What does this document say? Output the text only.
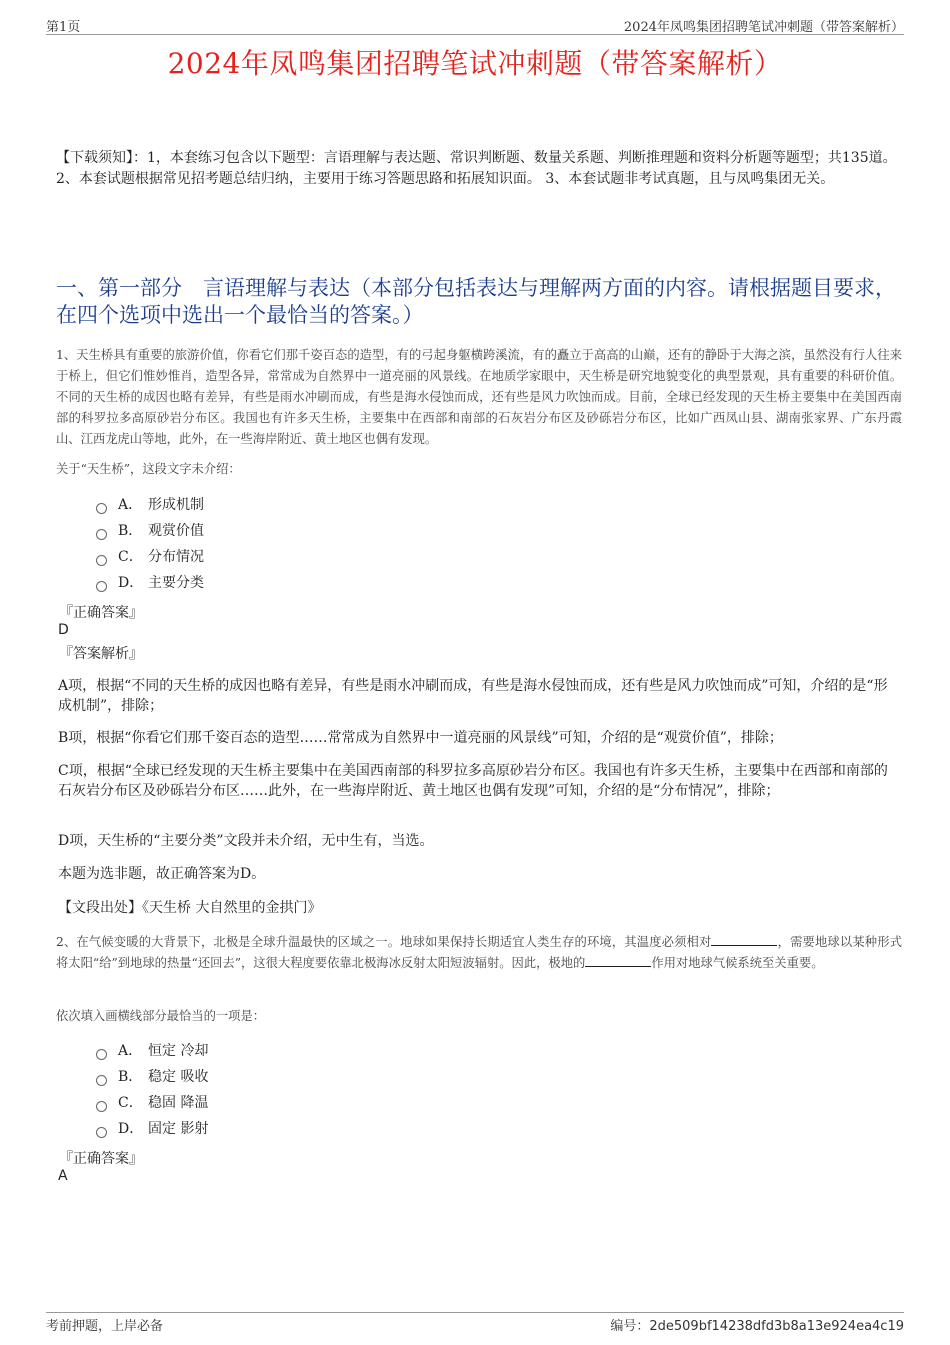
第1页	2024年凤鸣集团招聘笔试冲刺题（带答案解析）
2024年凤鸣集团招聘笔试冲刺题（带答案解析）
【下载须知】：1，本套练习包含以下题型：言语理解与表达题、常识判断题、数量关系题、判断推理题和资料分析题等题型；共135道。 2、本套试题根据常见招考题总结归纳，主要用于练习答题思路和拓展知识面。 3、本套试题非考试真题，且与凤鸣集团无关。
一、第一部分　言语理解与表达（本部分包括表达与理解两方面的内容。请根据题目要求，在四个选项中选出一个最恰当的答案。）
1、天生桥具有重要的旅游价值，你看它们那千姿百态的造型，有的弓起身躯横跨溪流，有的矗立于高高的山巅，还有的静卧于大海之滨，虽然没有行人往来于桥上，但它们惟妙惟肖，造型各异，常常成为自然界中一道亮丽的风景线。在地质学家眼中，天生桥是研究地貌变化的典型景观，具有重要的科研价值。不同的天生桥的成因也略有差异，有些是雨水冲刷而成，有些是海水侵蚀而成，还有些是风力吹蚀而成。目前，全球已经发现的天生桥主要集中在美国西南部的科罗拉多高原砂岩分布区。我国也有许多天生桥，主要集中在西部和南部的石灰岩分布区及砂砾岩分布区，比如广西凤山县、湖南张家界、广东丹霞山、江西龙虎山等地，此外，在一些海岸附近、黄土地区也偶有发现。
关于“天生桥”，这段文字未介绍：
A． 形成机制
B． 观赏价值
C． 分布情况
D． 主要分类
『正确答案』
D
『答案解析』
A项，根据“不同的天生桥的成因也略有差异，有些是雨水冲刷而成，有些是海水侵蚀而成，还有些是风力吹蚀而成”可知，介绍的是“形成机制”，排除；
B项，根据“你看它们那千姿百态的造型……常常成为自然界中一道亮丽的风景线”可知，介绍的是“观赏价值”，排除；
C项，根据“全球已经发现的天生桥主要集中在美国西南部的科罗拉多高原砂岩分布区。我国也有许多天生桥，主要集中在西部和南部的石灰岩分布区及砂砾岩分布区……此外，在一些海岸附近、黄土地区也偶有发现”可知，介绍的是“分布情况”，排除；
D项，天生桥的“主要分类”文段并未介绍，无中生有，当选。
本题为选非题，故正确答案为D。
【文段出处】《天生桥 大自然里的金拱门》
2、在气候变暖的大背景下，北极是全球升温最快的区域之一。地球如果保持长期适宜人类生存的环境，其温度必须相对	，需要地球以某种形式将太阳“给”到地球的热量“还回去”，这很大程度要依靠北极海冰反射太阳短波辐射。因此，极地的	作用对地球气候系统至关重要。
依次填入画横线部分最恰当的一项是：
A． 恒定 冷却
B． 稳定 吸收
C． 稳固 降温
D． 固定 影射
『正确答案』
A
考前押题，上岸必备	编号：2de509bf14238dfd3b8a13e924ea4c19
